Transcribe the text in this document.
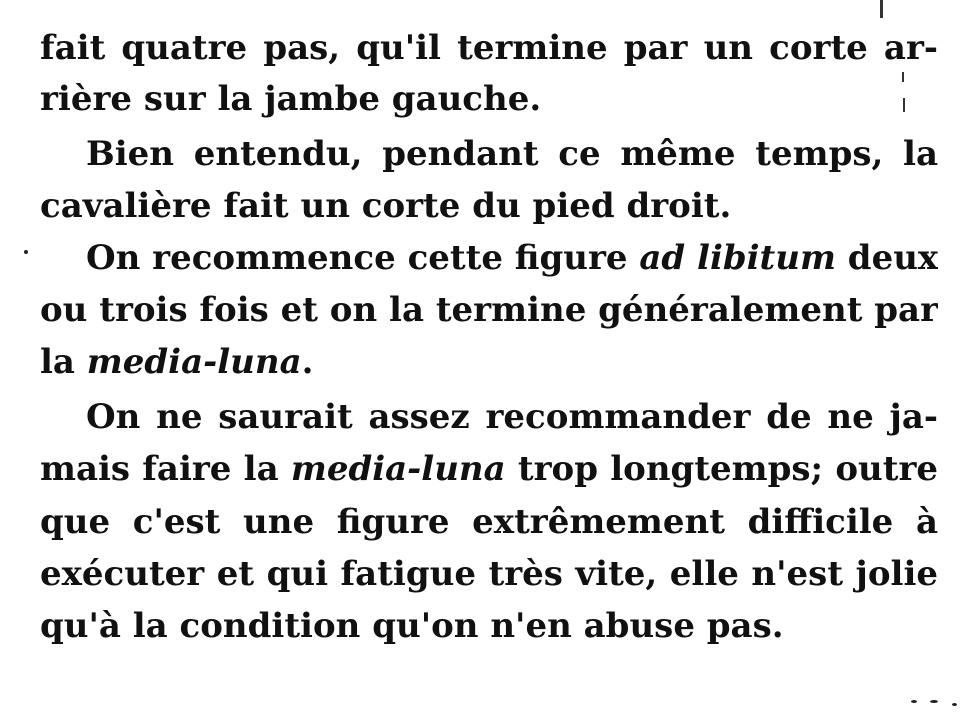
fait quatre pas, qu'il termine par un corte ar-
rière sur la jambe gauche.
Bien entendu, pendant ce même temps, la
cavalière fait un corte du pied droit.
On recommence cette figure ad libitum deux
ou trois fois et on la termine généralement par
la media-luna.
On ne saurait assez recommander de ne ja-
mais faire la media-luna trop longtemps; outre
que c'est une figure extrêmement difficile à
exécuter et qui fatigue très vite, elle n'est jolie
qu'à la condition qu'on n'en abuse pas.
